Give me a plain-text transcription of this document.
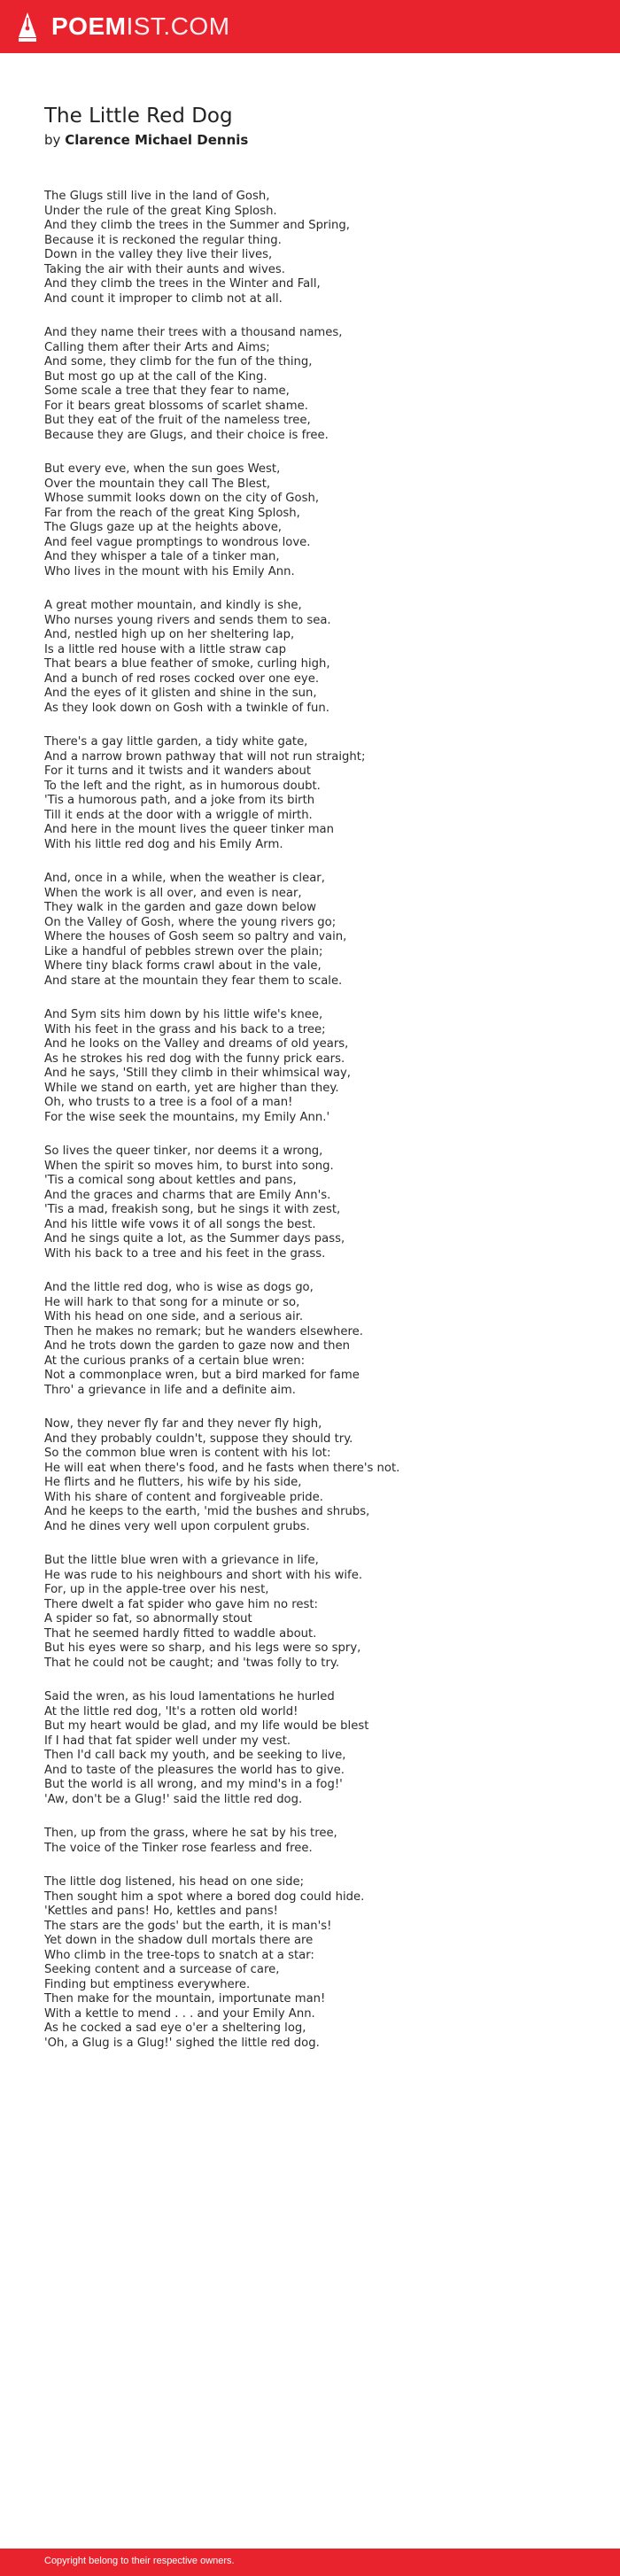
POEMIST.COM
The Little Red Dog

by Clarence Michael Dennis

The Glugs still live in the land of Gosh,
Under the rule of the great King Splosh.
And they climb the trees in the Summer and Spring,
Because it is reckoned the regular thing.
Down in the valley they live their lives,
Taking the air with their aunts and wives.
And they climb the trees in the Winter and Fall,
And count it improper to climb not at all.
And they name their trees with a thousand names,
Calling them after their Arts and Aims;
And some, they climb for the fun of the thing,
But most go up at the call of the King.
Some scale a tree that they fear to name,
For it bears great blossoms of scarlet shame.
But they eat of the fruit of the nameless tree,
Because they are Glugs, and their choice is free.
But every eve, when the sun goes West,
Over the mountain they call The Blest,
Whose summit looks down on the city of Gosh,
Far from the reach of the great King Splosh,
The Glugs gaze up at the heights above,
And feel vague promptings to wondrous love.
And they whisper a tale of a tinker man,
Who lives in the mount with his Emily Ann.
A great mother mountain, and kindly is she,
Who nurses young rivers and sends them to sea.
And, nestled high up on her sheltering lap,
Is a little red house with a little straw cap
That bears a blue feather of smoke, curling high,
And a bunch of red roses cocked over one eye.
And the eyes of it glisten and shine in the sun,
As they look down on Gosh with a twinkle of fun.
There's a gay little garden, a tidy white gate,
And a narrow brown pathway that will not run straight;
For it turns and it twists and it wanders about
To the left and the right, as in humorous doubt.
'Tis a humorous path, and a joke from its birth
Till it ends at the door with a wriggle of mirth.
And here in the mount lives the queer tinker man
With his little red dog and his Emily Arm.
And, once in a while, when the weather is clear,
When the work is all over, and even is near,
They walk in the garden and gaze down below
On the Valley of Gosh, where the young rivers go;
Where the houses of Gosh seem so paltry and vain,
Like a handful of pebbles strewn over the plain;
Where tiny black forms crawl about in the vale,
And stare at the mountain they fear them to scale.
And Sym sits him down by his little wife's knee,
With his feet in the grass and his back to a tree;
And he looks on the Valley and dreams of old years,
As he strokes his red dog with the funny prick ears.
And he says, 'Still they climb in their whimsical way,
While we stand on earth, yet are higher than they.
Oh, who trusts to a tree is a fool of a man!
For the wise seek the mountains, my Emily Ann.'
So lives the queer tinker, nor deems it a wrong,
When the spirit so moves him, to burst into song.
'Tis a comical song about kettles and pans,
And the graces and charms that are Emily Ann's.
'Tis a mad, freakish song, but he sings it with zest,
And his little wife vows it of all songs the best.
And he sings quite a lot, as the Summer days pass,
With his back to a tree and his feet in the grass.
And the little red dog, who is wise as dogs go,
He will hark to that song for a minute or so,
With his head on one side, and a serious air.
Then he makes no remark; but he wanders elsewhere.
And he trots down the garden to gaze now and then
At the curious pranks of a certain blue wren:
Not a commonplace wren, but a bird marked for fame
Thro' a grievance in life and a definite aim.
Now, they never fly far and they never fly high,
And they probably couldn't, suppose they should try.
So the common blue wren is content with his lot:
He will eat when there's food, and he fasts when there's not.
He flirts and he flutters, his wife by his side,
With his share of content and forgiveable pride.
And he keeps to the earth, 'mid the bushes and shrubs,
And he dines very well upon corpulent grubs.
But the little blue wren with a grievance in life,
He was rude to his neighbours and short with his wife.
For, up in the apple-tree over his nest,
There dwelt a fat spider who gave him no rest:
A spider so fat, so abnormally stout
That he seemed hardly fitted to waddle about.
But his eyes were so sharp, and his legs were so spry,
That he could not be caught; and 'twas folly to try.
Said the wren, as his loud lamentations he hurled
At the little red dog, 'It's a rotten old world!
But my heart would be glad, and my life would be blest
If I had that fat spider well under my vest.
Then I'd call back my youth, and be seeking to live,
And to taste of the pleasures the world has to give.
But the world is all wrong, and my mind's in a fog!'
'Aw, don't be a Glug!' said the little red dog.
Then, up from the grass, where he sat by his tree,
The voice of the Tinker rose fearless and free.
The little dog listened, his head on one side;
Then sought him a spot where a bored dog could hide.
'Kettles and pans! Ho, kettles and pans!
The stars are the gods' but the earth, it is man's!
Yet down in the shadow dull mortals there are
Who climb in the tree-tops to snatch at a star:
Seeking content and a surcease of care,
Finding but emptiness everywhere.
Then make for the mountain, importunate man!
With a kettle to mend . . . and your Emily Ann.
As he cocked a sad eye o'er a sheltering log,
'Oh, a Glug is a Glug!' sighed the little red dog.
Copyright belong to their respective owners.
